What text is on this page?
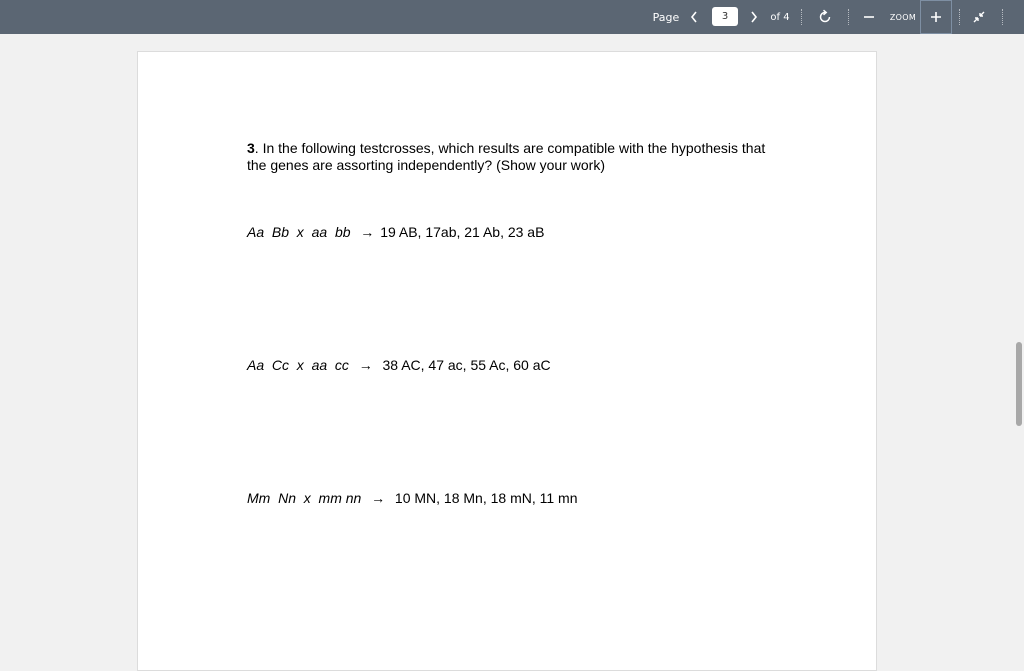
Page
3	of 4	ZOOM
3. In the following testcrosses, which results are compatible with the hypothesis that the genes are assorting independently? (Show your work)
Aa  Bb  x  aa  bb → 19 AB, 17ab, 21 Ab, 23 aB
Aa  Cc  x  aa  cc →  38 AC, 47 ac, 55 Ac, 60 aC
Mm  Nn  x  mm nn →  10 MN, 18 Mn, 18 mN, 11 mn
